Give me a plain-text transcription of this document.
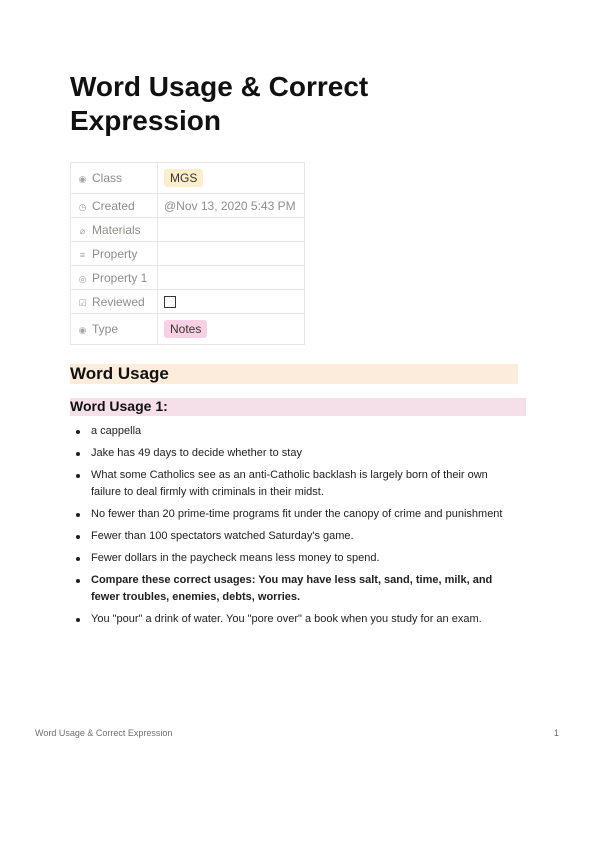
Word Usage & Correct Expression
◉ Class	MGS
◷ Created	@Nov 13, 2020 5:43 PM
⌀ Materials	
≡ Property	
◎ Property 1	
☑ Reviewed	
◉ Type	Notes
Word Usage
Word Usage 1:
a cappella
Jake has 49 days to decide whether to stay
What some Catholics see as an anti-Catholic backlash is largely born of their own failure to deal firmly with criminals in their midst.
No fewer than 20 prime-time programs fit under the canopy of crime and punishment
Fewer than 100 spectators watched Saturday's game.
Fewer dollars in the paycheck means less money to spend.
Compare these correct usages: You may have less salt, sand, time, milk, and fewer troubles, enemies, debts, worries.
You "pour" a drink of water. You "pore over" a book when you study for an exam.
Word Usage & Correct Expression	1
